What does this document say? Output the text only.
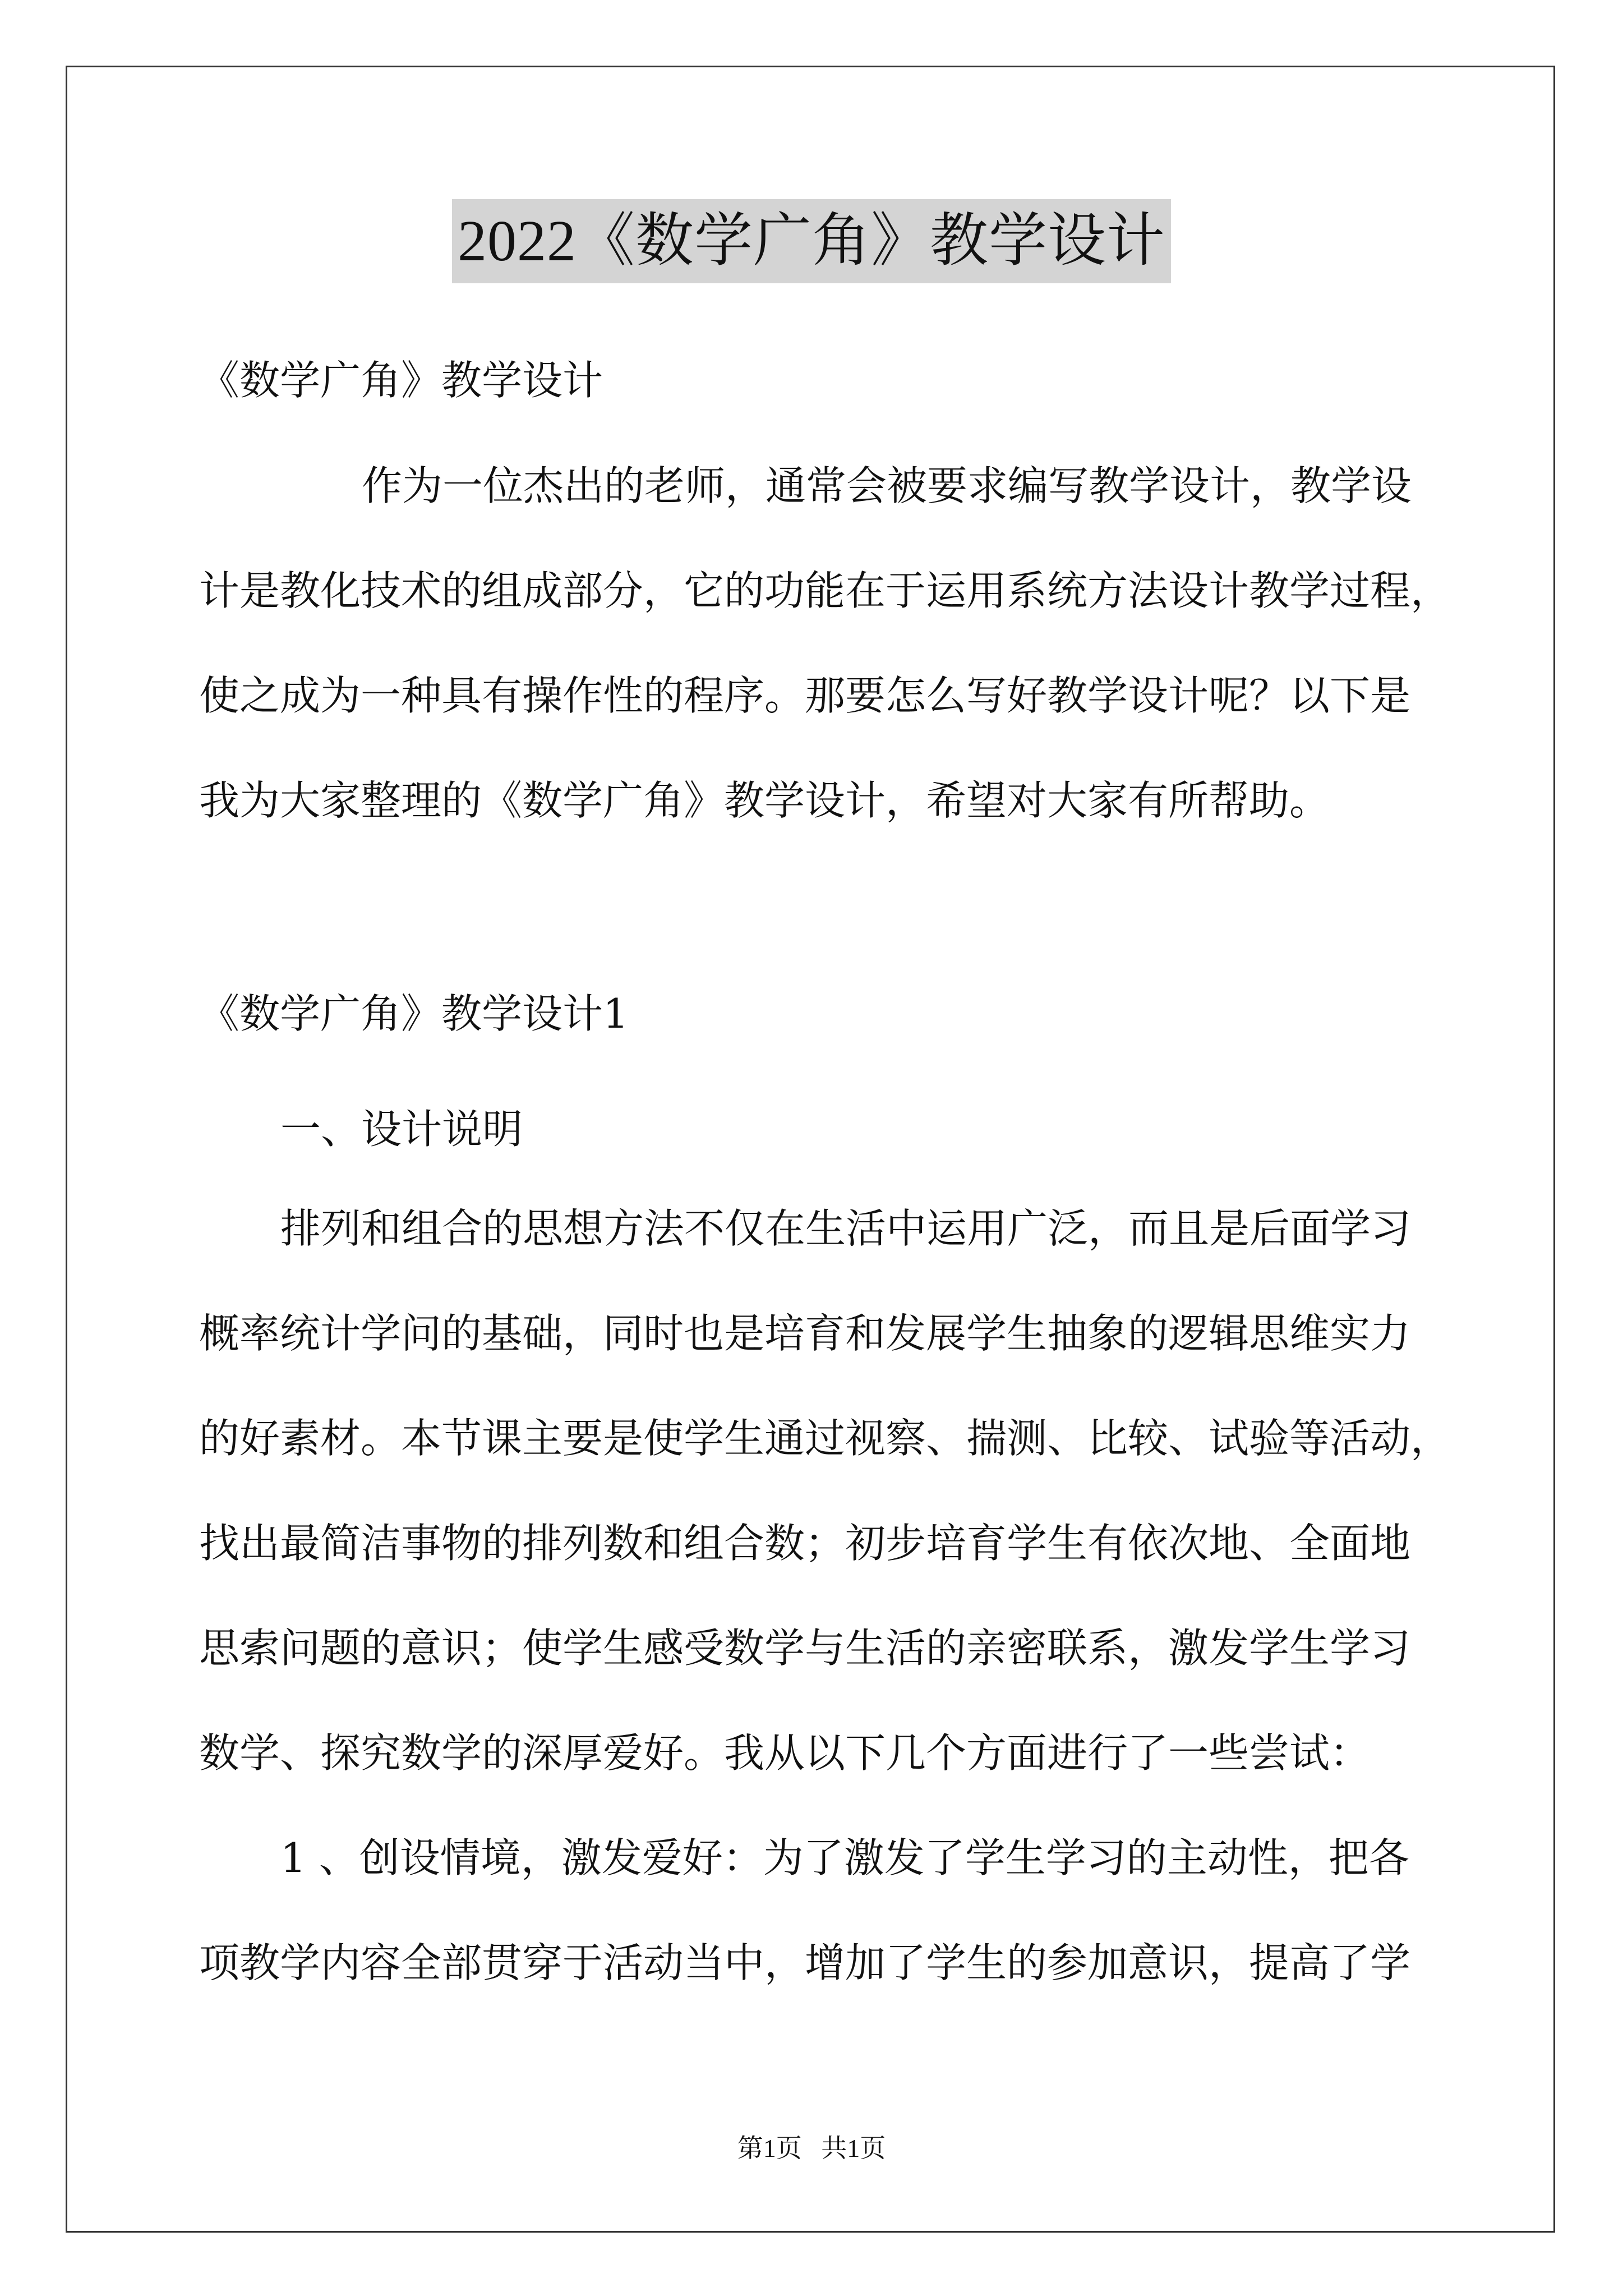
2022《数学广角》教学设计
《数学广角》教学设计
作为一位杰出的老师，通常会被要求编写教学设计，教学设
计是教化技术的组成部分，它的功能在于运用系统方法设计教学过程，
使之成为一种具有操作性的程序。那要怎么写好教学设计呢？以下是
我为大家整理的《数学广角》教学设计，希望对大家有所帮助。
《数学广角》教学设计1
一、设计说明
排列和组合的思想方法不仅在生活中运用广泛，而且是后面学习
概率统计学问的基础，同时也是培育和发展学生抽象的逻辑思维实力
的好素材。本节课主要是使学生通过视察、揣测、比较、试验等活动，
找出最简洁事物的排列数和组合数；初步培育学生有依次地、全面地
思索问题的意识；使学生感受数学与生活的亲密联系，激发学生学习
数学、探究数学的深厚爱好。我从以下几个方面进行了一些尝试：
1 、创设情境，激发爱好：为了激发了学生学习的主动性，把各
项教学内容全部贯穿于活动当中，增加了学生的参加意识，提高了学
第1页 共1页
